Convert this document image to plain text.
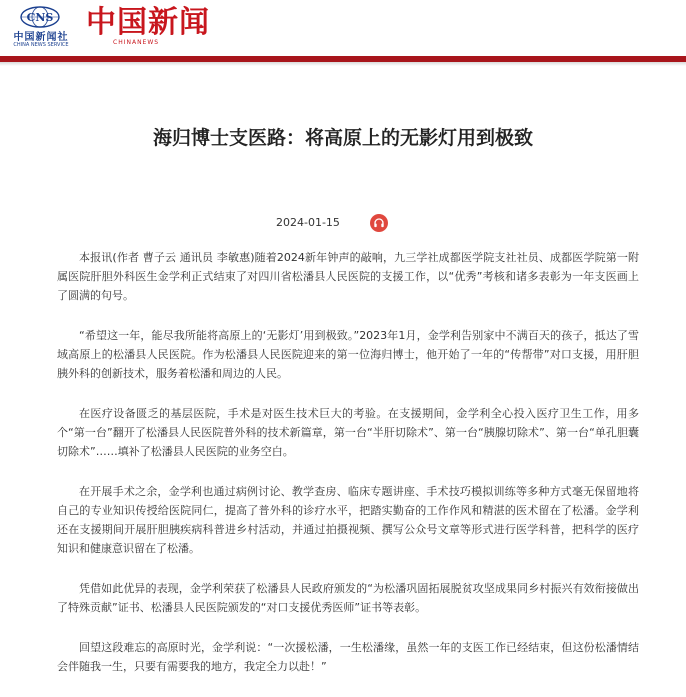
CNS
中国新闻社
CHINA NEWS SERVICE
中国新闻
CHINANEWS
海归博士支医路：将高原上的无影灯用到极致
2024-01-15

本报讯(作者 曹子云 通讯员 李敏惠)随着2024新年钟声的敲响，九三学社成都医学院支社社员、成都医学院第一附属医院肝胆外科医生金学利正式结束了对四川省松潘县人民医院的支援工作，以“优秀”考核和诸多表彰为一年支医画上了圆满的句号。

“希望这一年，能尽我所能将高原上的‘无影灯’用到极致。”2023年1月，金学利告别家中不满百天的孩子，抵达了雪域高原上的松潘县人民医院。作为松潘县人民医院迎来的第一位海归博士，他开始了一年的“传帮带”对口支援，用肝胆胰外科的创新技术，服务着松潘和周边的人民。

在医疗设备匮乏的基层医院，手术是对医生技术巨大的考验。在支援期间，金学利全心投入医疗卫生工作，用多个“第一台”翻开了松潘县人民医院普外科的技术新篇章，第一台“半肝切除术”、第一台“胰腺切除术”、第一台“单孔胆囊切除术”……填补了松潘县人民医院的业务空白。

在开展手术之余，金学利也通过病例讨论、教学查房、临床专题讲座、手术技巧模拟训练等多种方式毫无保留地将自己的专业知识传授给医院同仁，提高了普外科的诊疗水平，把踏实勤奋的工作作风和精湛的医术留在了松潘。金学利还在支援期间开展肝胆胰疾病科普进乡村活动，并通过拍摄视频、撰写公众号文章等形式进行医学科普，把科学的医疗知识和健康意识留在了松潘。

凭借如此优异的表现，金学利荣获了松潘县人民政府颁发的“为松潘巩固拓展脱贫攻坚成果同乡村振兴有效衔接做出了特殊贡献”证书、松潘县人民医院颁发的“对口支援优秀医师”证书等表彰。

回望这段难忘的高原时光，金学利说：“一次援松潘，一生松潘缘，虽然一年的支医工作已经结束，但这份松潘情结会伴随我一生，只要有需要我的地方，我定全力以赴！”
